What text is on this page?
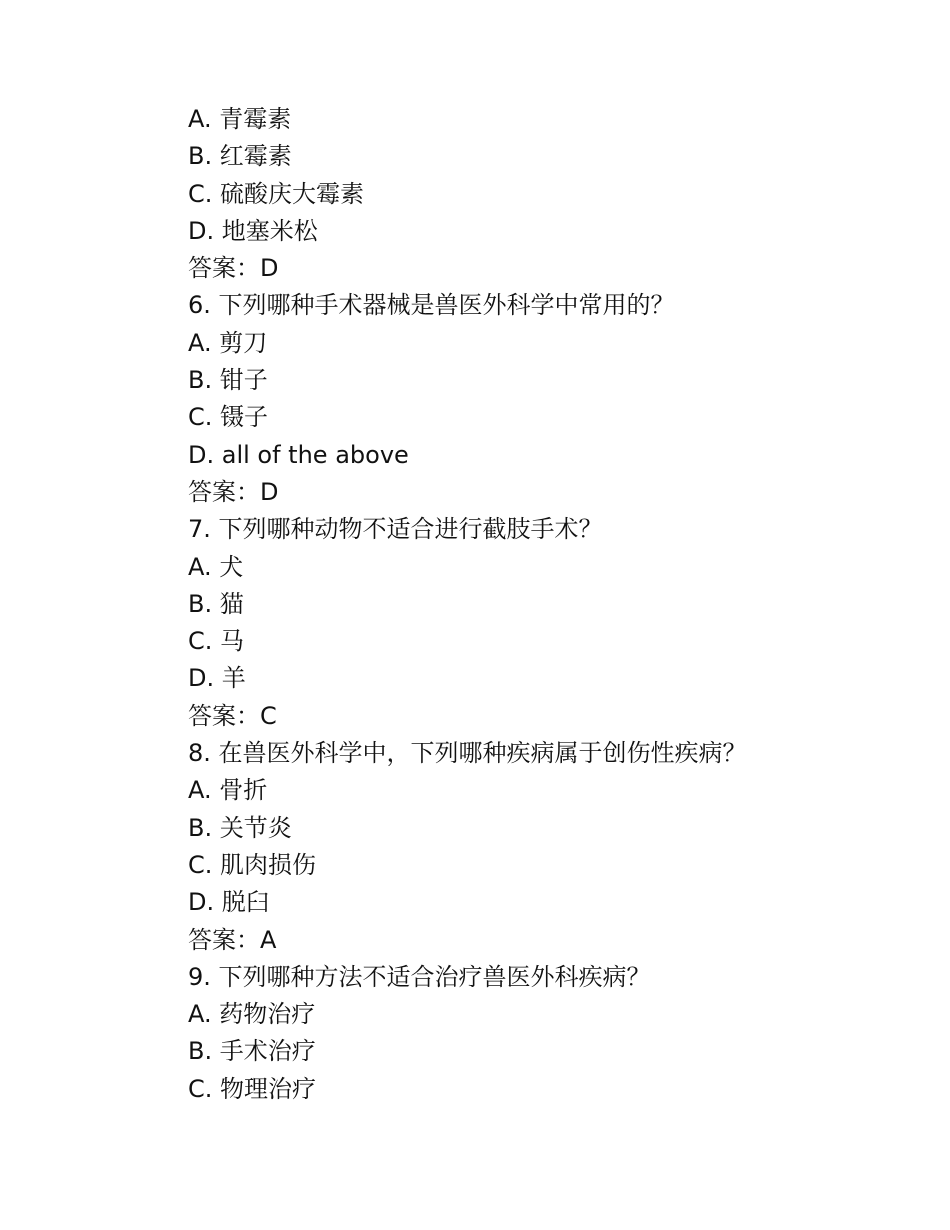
A. 青霉素
B. 红霉素
C. 硫酸庆大霉素
D. 地塞米松
答案：D
6. 下列哪种手术器械是兽医外科学中常用的？
A. 剪刀
B. 钳子
C. 镊子
D. all of the above
答案：D
7. 下列哪种动物不适合进行截肢手术？
A. 犬
B. 猫
C. 马
D. 羊
答案：C
8. 在兽医外科学中，下列哪种疾病属于创伤性疾病？
A. 骨折
B. 关节炎
C. 肌肉损伤
D. 脱臼
答案：A
9. 下列哪种方法不适合治疗兽医外科疾病？
A. 药物治疗
B. 手术治疗
C. 物理治疗
